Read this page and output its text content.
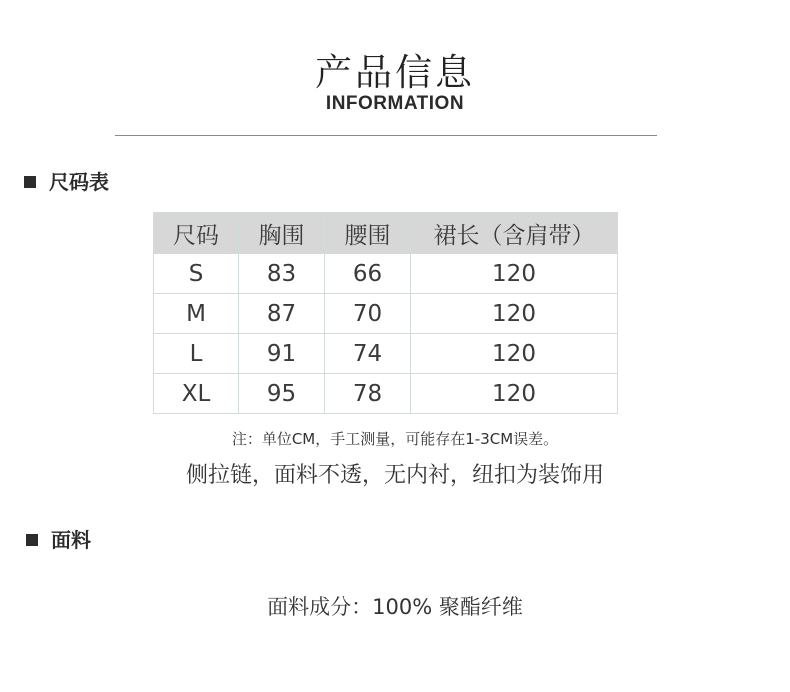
产品信息
INFORMATION
尺码表
尺码	胸围	腰围	裙长（含肩带）
S	83	66	120
M	87	70	120
L	91	74	120
XL	95	78	120
注：单位CM，手工测量，可能存在1-3CM误差。
侧拉链，面料不透，无内衬，纽扣为装饰用
面料
面料成分：100% 聚酯纤维
